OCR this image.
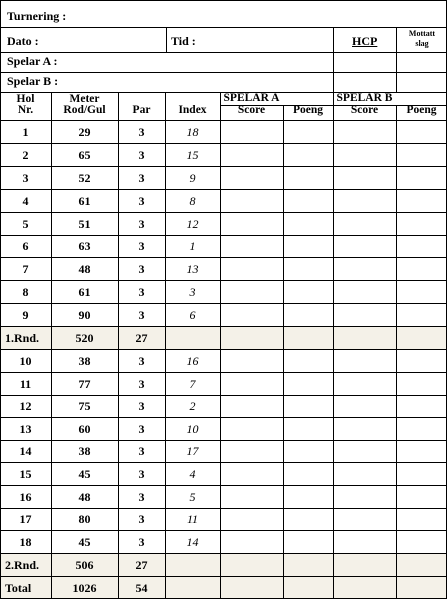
Turnering :
Dato :	Tid :	HCP
Mottatt
slag
Spelar A :
Spelar B :
Hol
Nr.
Meter
Rod/Gul	Par	Index
SPELAR A
Score	Poeng
SPELAR B
Score	Poeng
1	29	3	18
2	65	3	15
3	52	3	9
4	61	3	8
5	51	3	12
6	63	3	1
7	48	3	13
8	61	3	3
9	90	3	6
1.Rnd.	520	27
10	38	3	16
11	77	3	7
12	75	3	2
13	60	3	10
14	38	3	17
15	45	3	4
16	48	3	5
17	80	3	11
18	45	3	14
2.Rnd.	506	27
Total	1026	54
